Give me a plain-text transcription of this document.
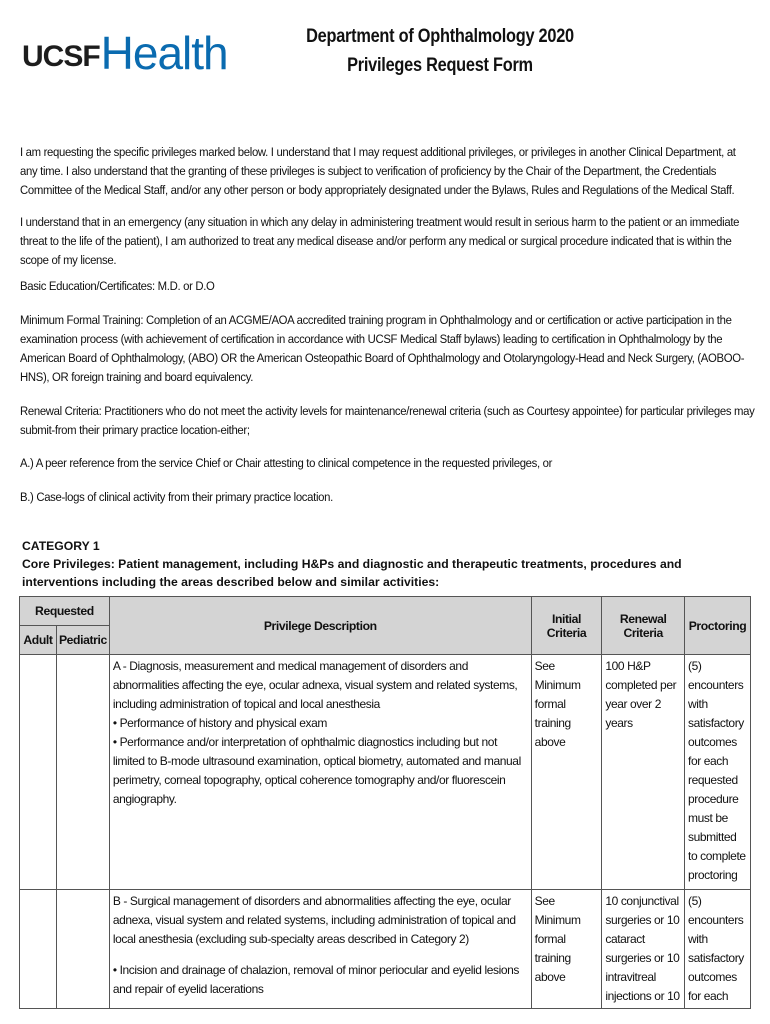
UCSF Health	Department of Ophthalmology 2020
Privileges Request Form
I am requesting the specific privileges marked below. I understand that I may request additional privileges, or privileges in another Clinical Department, at any time. I also understand that the granting of these privileges is subject to verification of proficiency by the Chair of the Department, the Credentials Committee of the Medical Staff, and/or any other person or body appropriately designated under the Bylaws, Rules and Regulations of the Medical Staff.
I understand that in an emergency (any situation in which any delay in administering treatment would result in serious harm to the patient or an immediate threat to the life of the patient), I am authorized to treat any medical disease and/or perform any medical or surgical procedure indicated that is within the scope of my license.
Basic Education/Certificates: M.D. or D.O
Minimum Formal Training: Completion of an ACGME/AOA accredited training program in Ophthalmology and or certification or active participation in the examination process (with achievement of certification in accordance with UCSF Medical Staff bylaws) leading to certification in Ophthalmology by the American Board of Ophthalmology, (ABO) OR the American Osteopathic Board of Ophthalmology and Otolaryngology-Head and Neck Surgery, (AOBOO-HNS), OR foreign training and board equivalency.
Renewal Criteria: Practitioners who do not meet the activity levels for maintenance/renewal criteria (such as Courtesy appointee) for particular privileges may submit-from their primary practice location-either;
A.) A peer reference from the service Chief or Chair attesting to clinical competence in the requested privileges, or
B.) Case-logs of clinical activity from their primary practice location.
CATEGORY 1
Core Privileges: Patient management, including H&Ps and diagnostic and therapeutic treatments, procedures and interventions including the areas described below and similar activities:
Requested		Privilege Description	Initial Criteria	Renewal Criteria	Proctoring
Adult	Pediatric				

		A - Diagnosis, measurement and medical management of disorders and abnormalities affecting the eye, ocular adnexa, visual system and related systems, including administration of topical and local anesthesia
• Performance of history and physical exam
• Performance and/or interpretation of ophthalmic diagnostics including but not limited to B-mode ultrasound examination, optical biometry, automated and manual perimetry, corneal topography, optical coherence tomography and/or fluorescein angiography.	See Minimum formal training above	100 H&P completed per year over 2 years	(5) encounters with satisfactory outcomes for each requested procedure must be submitted to complete proctoring

		B - Surgical management of disorders and abnormalities affecting the eye, ocular adnexa, visual system and related systems, including administration of topical and local anesthesia (excluding sub-specialty areas described in Category 2)
• Incision and drainage of chalazion, removal of minor periocular and eyelid lesions and repair of eyelid lacerations	See Minimum formal training above	10 conjunctival surgeries or 10 cataract surgeries or 10 intravitreal injections or 10	(5) encounters with satisfactory outcomes for each
